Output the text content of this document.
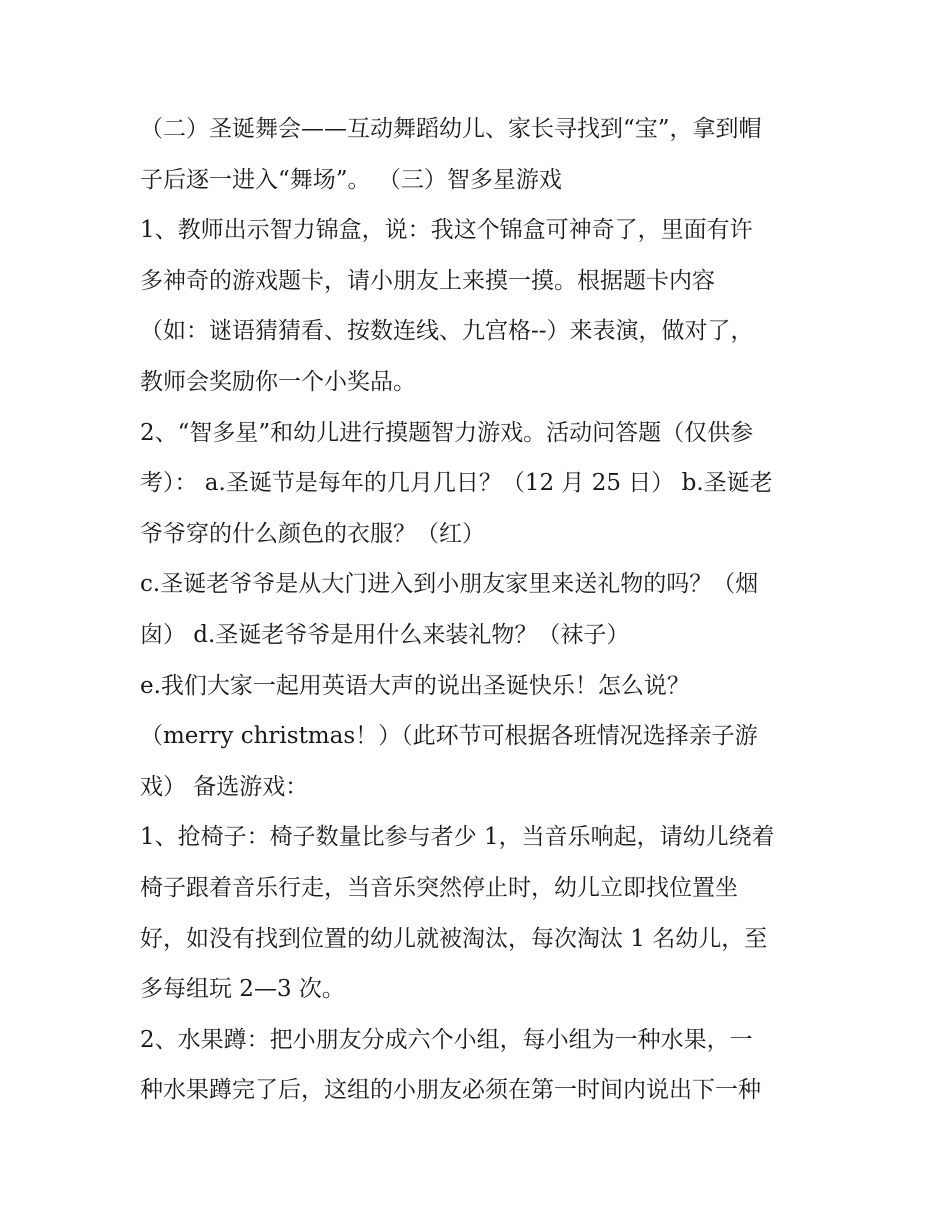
（二）圣诞舞会——互动舞蹈幼儿、家长寻找到“宝”，拿到帽
子后逐一进入“舞场”。 （三）智多星游戏
1、教师出示智力锦盒，说：我这个锦盒可神奇了，里面有许
多神奇的游戏题卡，请小朋友上来摸一摸。根据题卡内容
（如：谜语猜猜看、按数连线、九宫格--）来表演，做对了，
教师会奖励你一个小奖品。
2、“智多星”和幼儿进行摸题智力游戏。活动问答题（仅供参
考）： a.圣诞节是每年的几月几日？（12 月 25 日） b.圣诞老
爷爷穿的什么颜色的衣服？（红）
c.圣诞老爷爷是从大门进入到小朋友家里来送礼物的吗？（烟
囱） d.圣诞老爷爷是用什么来装礼物？（袜子）
e.我们大家一起用英语大声的说出圣诞快乐！怎么说？
（merry christmas！）（此环节可根据各班情况选择亲子游
戏） 备选游戏：
1、抢椅子：椅子数量比参与者少 1，当音乐响起，请幼儿绕着
椅子跟着音乐行走，当音乐突然停止时，幼儿立即找位置坐
好，如没有找到位置的幼儿就被淘汰，每次淘汰 1 名幼儿，至
多每组玩 2—3 次。
2、水果蹲：把小朋友分成六个小组，每小组为一种水果，一
种水果蹲完了后，这组的小朋友必须在第一时间内说出下一种
